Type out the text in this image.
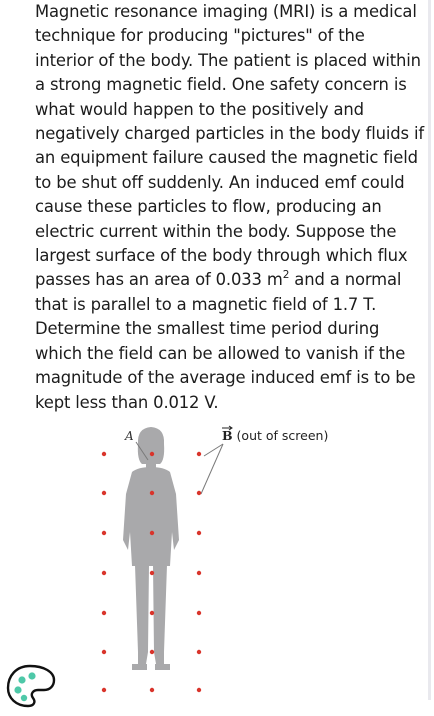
Magnetic resonance imaging (MRI) is a medical technique for producing "pictures" of the interior of the body. The patient is placed within a strong magnetic field. One safety concern is what would happen to the positively and negatively charged particles in the body fluids if an equipment failure caused the magnetic field to be shut off suddenly. An induced emf could cause these particles to flow, producing an electric current within the body. Suppose the largest surface of the body through which flux passes has an area of 0.033 $m^2$ and a normal that is parallel to a magnetic field of 1.7 T. Determine the smallest time period during which the field can be allowed to vanish if the magnitude of the average induced emf is to be kept less than 0.012 V.

A	B (out of screen)
